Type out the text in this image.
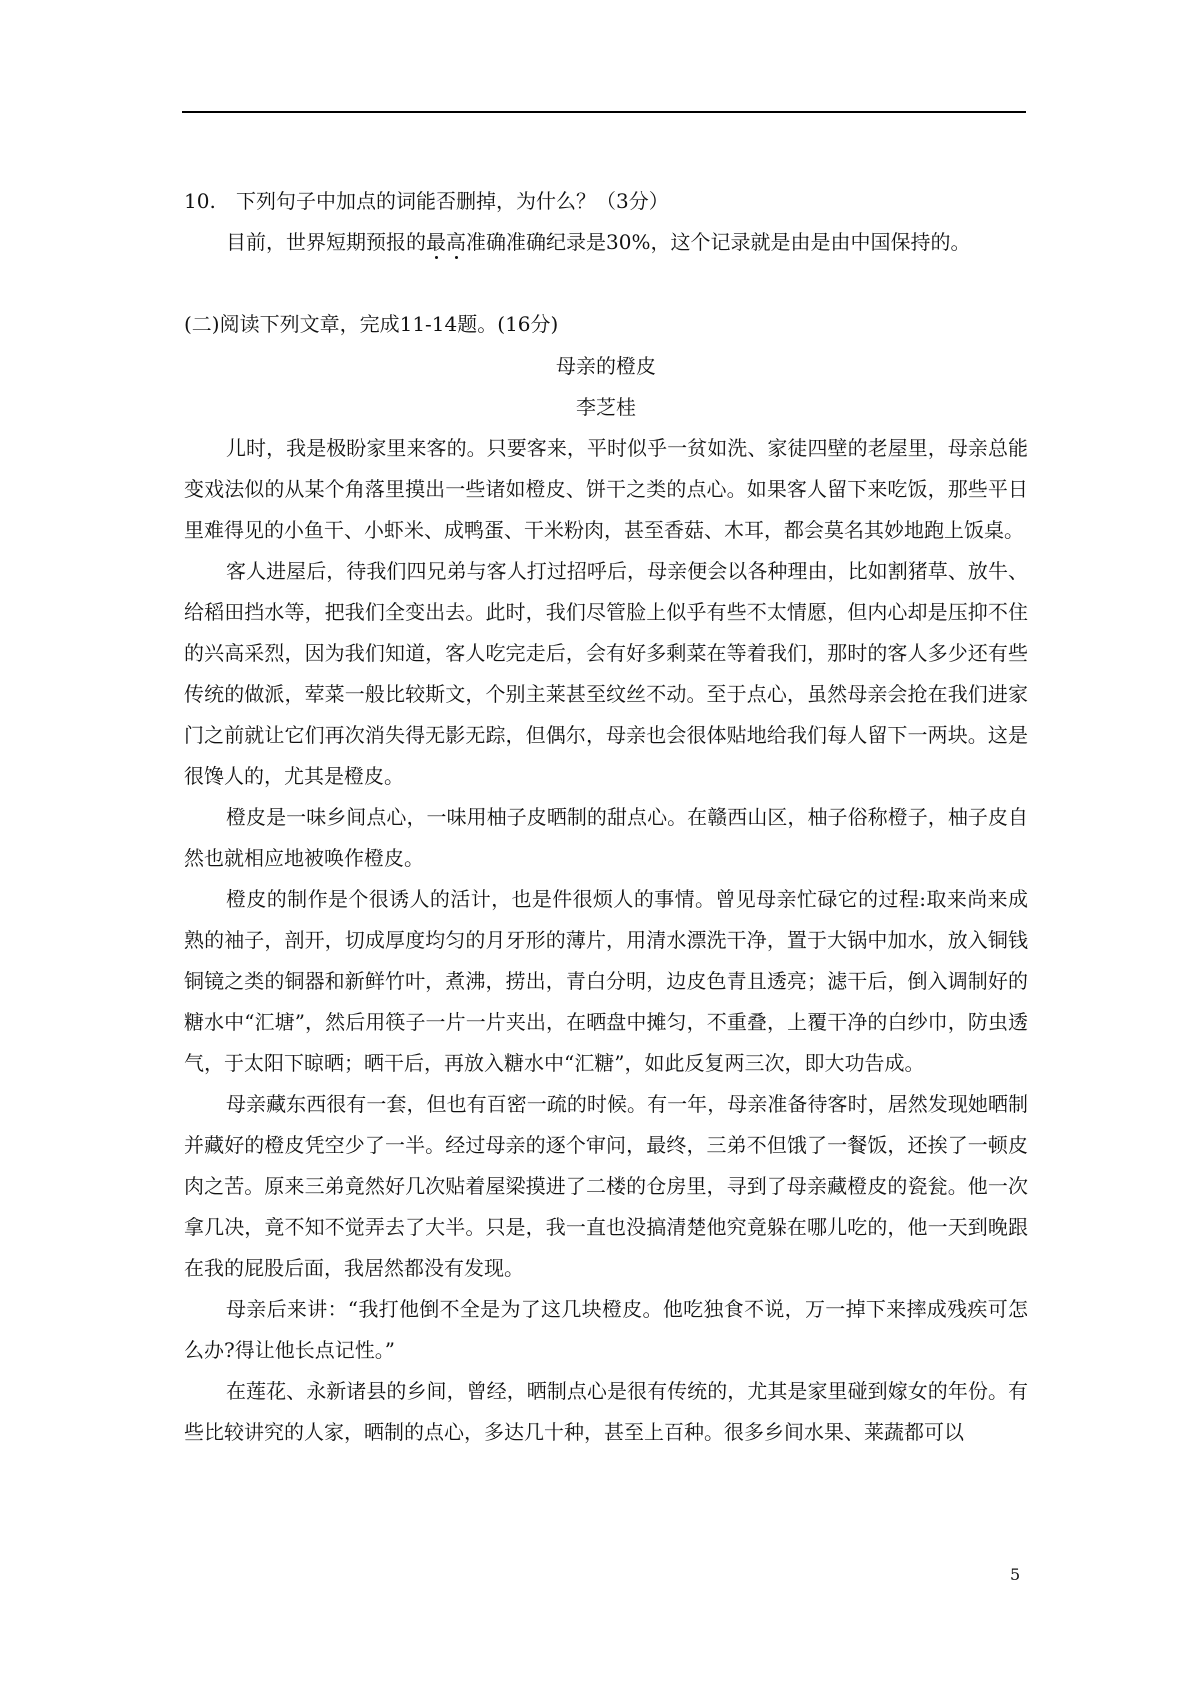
10. 下列句子中加点的词能否删掉，为什么？（3分）
目前，世界短期预报的最高准确准确纪录是30%，这个记录就是由是由中国保持的。
(二)阅读下列文章，完成11-14题。(16分)
母亲的橙皮
李芝桂

儿时，我是极盼家里来客的。只要客来，平时似乎一贫如洗、家徒四壁的老屋里，母亲总能变戏法似的从某个角落里摸出一些诸如橙皮、饼干之类的点心。如果客人留下来吃饭，那些平日里难得见的小鱼干、小虾米、成鸭蛋、干米粉肉，甚至香菇、木耳，都会莫名其妙地跑上饭桌。

客人进屋后，待我们四兄弟与客人打过招呼后，母亲便会以各种理由，比如割猪草、放牛、给稻田挡水等，把我们全变出去。此时，我们尽管脸上似乎有些不太情愿，但内心却是压抑不住的兴高采烈，因为我们知道，客人吃完走后，会有好多剩菜在等着我们，那时的客人多少还有些传统的做派，荤菜一般比较斯文，个别主莱甚至纹丝不动。至于点心，虽然母亲会抢在我们进家门之前就让它们再次消失得无影无踪，但偶尔，母亲也会很体贴地给我们每人留下一两块。这是很馋人的，尤其是橙皮。

橙皮是一味乡间点心，一味用柚子皮晒制的甜点心。在赣西山区，柚子俗称橙子，柚子皮自然也就相应地被唤作橙皮。

橙皮的制作是个很诱人的活计，也是件很烦人的事情。曾见母亲忙碌它的过程:取来尚来成熟的袖子，剖开，切成厚度均匀的月牙形的薄片，用清水漂洗干净，置于大锅中加水，放入铜钱铜镜之类的铜器和新鲜竹叶，煮沸，捞出，青白分明，边皮色青且透亮；滤干后，倒入调制好的糖水中“汇塘”，然后用筷子一片一片夹出，在晒盘中摊匀，不重叠，上覆干净的白纱巾，防虫透气，于太阳下晾晒；晒干后，再放入糖水中“汇糖”，如此反复两三次，即大功告成。

母亲藏东西很有一套，但也有百密一疏的时候。有一年，母亲准备待客时，居然发现她晒制并藏好的橙皮凭空少了一半。经过母亲的逐个审问，最终，三弟不但饿了一餐饭，还挨了一顿皮肉之苦。原来三弟竟然好几次贴着屋梁摸进了二楼的仓房里，寻到了母亲藏橙皮的瓷瓮。他一次拿几决，竟不知不觉弄去了大半。只是，我一直也没搞清楚他究竟躲在哪儿吃的，他一天到晚跟在我的屁股后面，我居然都没有发现。

母亲后来讲：“我打他倒不全是为了这几块橙皮。他吃独食不说，万一掉下来摔成残疾可怎么办?得让他长点记性。”

在莲花、永新诸县的乡间，曾经，晒制点心是很有传统的，尤其是家里碰到嫁女的年份。有些比较讲究的人家，晒制的点心，多达几十种，甚至上百种。很多乡间水果、莱蔬都可以

5
